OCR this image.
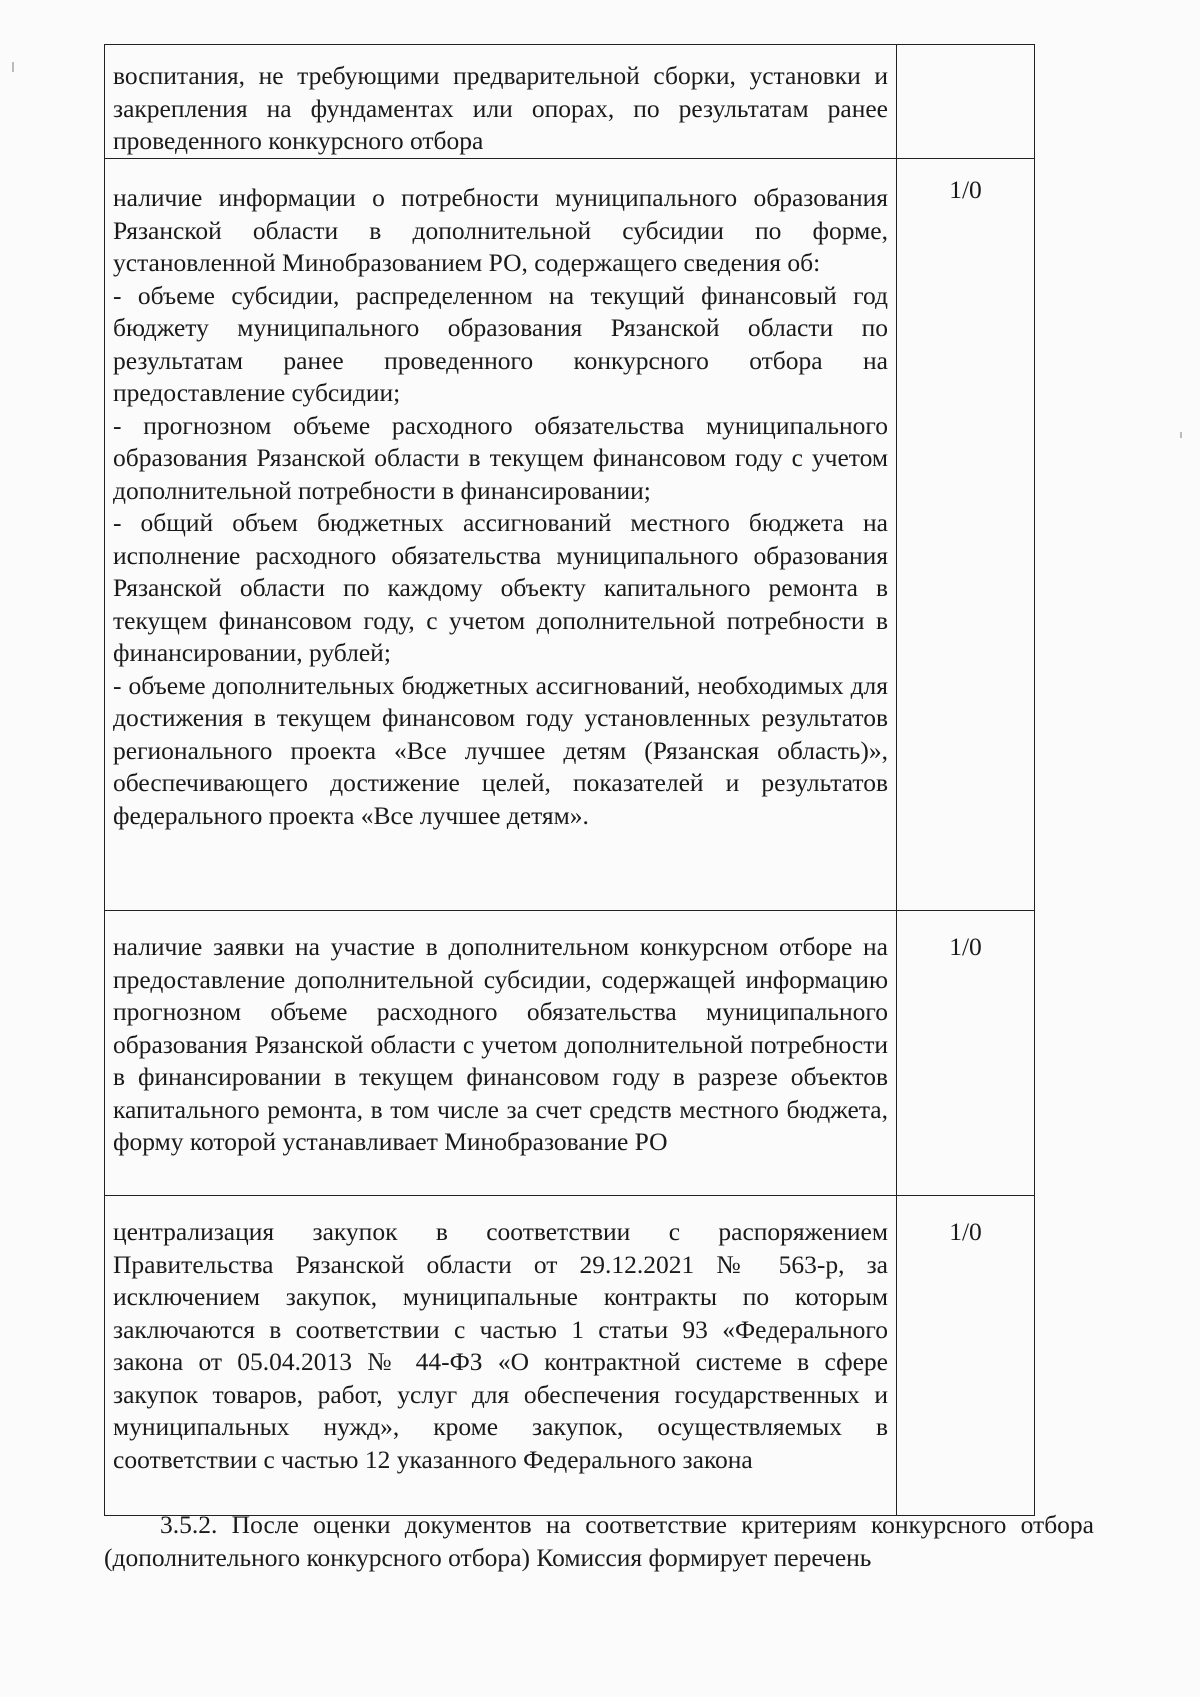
воспитания, не требующими предварительной сборки, установки и закрепления на фундаментах или опорах, по результатам ранее проведенного конкурсного отбора	

наличие информации о потребности муниципального образования Рязанской области в дополнительной субсидии по форме, установленной Минобразованием РО, содержащего сведения об:

- объеме субсидии, распределенном на текущий финансовый год бюджету муниципального образования Рязанской области по результатам ранее проведенного конкурсного отбора на предоставление субсидии;

- прогнозном объеме расходного обязательства муниципального образования Рязанской области в текущем финансовом году с учетом дополнительной потребности в финансировании;

- общий объем бюджетных ассигнований местного бюджета на исполнение расходного обязательства муниципального образования Рязанской области по каждому объекту капитального ремонта в текущем финансовом году, с учетом дополнительной потребности в финансировании, рублей;

- объеме дополнительных бюджетных ассигнований, необходимых для достижения в текущем финансовом году установленных результатов регионального проекта «Все лучшее детям (Рязанская область)», обеспечивающего достижение целей, показателей и результатов федерального проекта «Все лучшее детям».	1/0

наличие заявки на участие в дополнительном конкурсном отборе на предоставление дополнительной субсидии, содержащей информацию прогнозном объеме расходного обязательства муниципального образования Рязанской области с учетом дополнительной потребности в финансировании в текущем финансовом году в разрезе объектов капитального ремонта, в том числе за счет средств местного бюджета, форму которой устанавливает Минобразование РО	1/0

централизация закупок в соответствии с распоряжением Правительства Рязанской области от 29.12.2021 № 563-р, за исключением закупок, муниципальные контракты по которым заключаются в соответствии с частью 1 статьи 93 «Федерального закона от 05.04.2013 № 44-ФЗ «О контрактной системе в сфере закупок товаров, работ, услуг для обеспечения государственных и муниципальных нужд», кроме закупок, осуществляемых в соответствии с частью 12 указанного Федерального закона	1/0

3.5.2. После оценки документов на соответствие критериям конкурсного отбора (дополнительного конкурсного отбора) Комиссия формирует перечень
